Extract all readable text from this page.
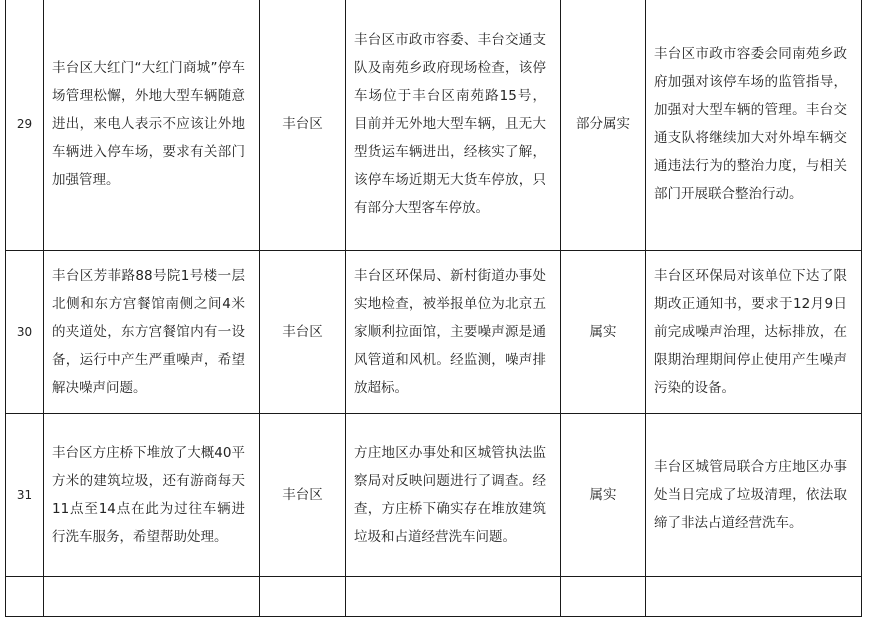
29	丰台区大红门“大红门商城”停车场管理松懈，外地大型车辆随意进出，来电人表示不应该让外地车辆进入停车场，要求有关部门加强管理。	丰台区	丰台区市政市容委、丰台交通支队及南苑乡政府现场检查，该停车场位于丰台区南苑路15号，目前并无外地大型车辆，且无大型货运车辆进出，经核实了解，该停车场近期无大货车停放，只有部分大型客车停放。	部分属实	丰台区市政市容委会同南苑乡政府加强对该停车场的监管指导，加强对大型车辆的管理。丰台交通支队将继续加大对外埠车辆交通违法行为的整治力度，与相关部门开展联合整治行动。
30	丰台区芳菲路88号院1号楼一层北侧和东方宫餐馆南侧之间4米的夹道处，东方宫餐馆内有一设备，运行中产生严重噪声，希望解决噪声问题。	丰台区	丰台区环保局、新村街道办事处实地检查，被举报单位为北京五家顺利拉面馆，主要噪声源是通风管道和风机。经监测，噪声排放超标。	属实	丰台区环保局对该单位下达了限期改正通知书，要求于12月9日前完成噪声治理，达标排放，在限期治理期间停止使用产生噪声污染的设备。
31	丰台区方庄桥下堆放了大概40平方米的建筑垃圾，还有游商每天11点至14点在此为过往车辆进行洗车服务，希望帮助处理。	丰台区	方庄地区办事处和区城管执法监察局对反映问题进行了调查。经查，方庄桥下确实存在堆放建筑垃圾和占道经营洗车问题。	属实	丰台区城管局联合方庄地区办事处当日完成了垃圾清理，依法取缔了非法占道经营洗车。
